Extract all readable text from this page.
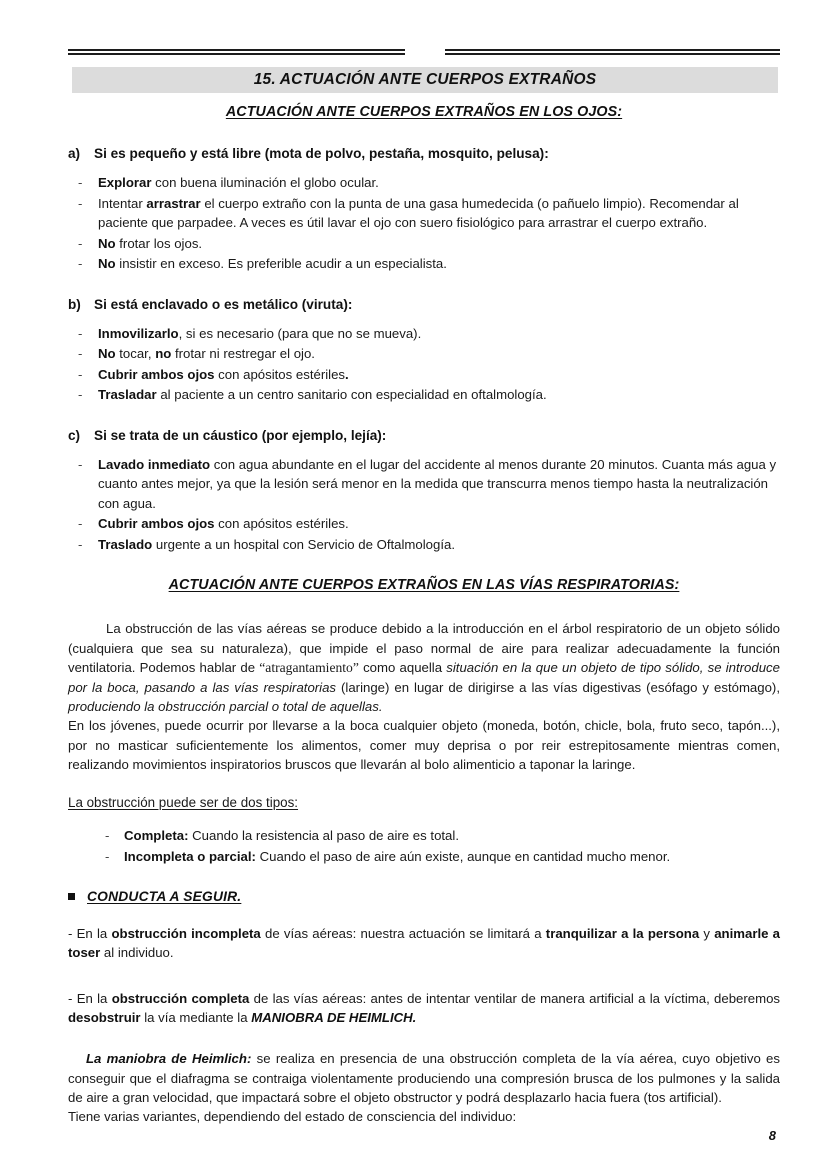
15. ACTUACIÓN ANTE CUERPOS EXTRAÑOS
ACTUACIÓN ANTE CUERPOS EXTRAÑOS EN LOS OJOS:
a)	Si es pequeño y está libre (mota de polvo, pestaña, mosquito, pelusa):
- Explorar con buena iluminación el globo ocular.
- Intentar arrastrar el cuerpo extraño con la punta de una gasa humedecida (o pañuelo limpio). Recomendar al paciente que parpadee. A veces es útil lavar el ojo con suero fisiológico para arrastrar el cuerpo extraño.
- No frotar los ojos.
- No insistir en exceso. Es preferible acudir a un especialista.
b) Si está enclavado o es metálico (viruta):
- Inmovilizarlo, si es necesario (para que no se mueva).
- No tocar, no frotar ni restregar el ojo.
- Cubrir ambos ojos con apósitos estériles.
- Trasladar al paciente a un centro sanitario con especialidad en oftalmología.
c)	Si se trata de un cáustico (por ejemplo, lejía):
- Lavado inmediato con agua abundante en el lugar del accidente al menos durante 20 minutos. Cuanta más agua y cuanto antes mejor, ya que la lesión será menor en la medida que transcurra menos tiempo hasta la neutralización con agua.
- Cubrir ambos ojos con apósitos estériles.
- Traslado urgente a un hospital con Servicio de Oftalmología.
ACTUACIÓN ANTE CUERPOS EXTRAÑOS EN LAS VÍAS RESPIRATORIAS:

La obstrucción de las vías aéreas se produce debido a la introducción en el árbol respiratorio de un objeto sólido (cualquiera que sea su naturaleza), que impide el paso normal de aire para realizar adecuadamente la función ventilatoria. Podemos hablar de “atragantamiento” como aquella situación en la que un objeto de tipo sólido, se introduce por la boca, pasando a las vías respiratorias (laringe) en lugar de dirigirse a las vías digestivas (esófago y estómago), produciendo la obstrucción parcial o total de aquellas.

En los jóvenes, puede ocurrir por llevarse a la boca cualquier objeto (moneda, botón, chicle, bola, fruto seco, tapón...), por no masticar suficientemente los alimentos, comer muy deprisa o por reir estrepitosamente mientras comen, realizando movimientos inspiratorios bruscos que llevarán al bolo alimenticio a taponar la laringe.

La obstrucción puede ser de dos tipos:
- Completa: Cuando la resistencia al paso de aire es total.
- Incompleta o parcial: Cuando el paso de aire aún existe, aunque en cantidad mucho menor.
CONDUCTA A SEGUIR.

- En la obstrucción incompleta de vías aéreas: nuestra actuación se limitará a tranquilizar a la persona y animarle a toser al individuo.

- En la obstrucción completa de las vías aéreas: antes de intentar ventilar de manera artificial a la víctima, deberemos desobstruir la vía mediante la MANIOBRA DE HEIMLICH.

La maniobra de Heimlich: se realiza en presencia de una obstrucción completa de la vía aérea, cuyo objetivo es conseguir que el diafragma se contraiga violentamente produciendo una compresión brusca de los pulmones y la salida de aire a gran velocidad, que impactará sobre el objeto obstructor y podrá desplazarlo hacia fuera (tos artificial).

Tiene varias variantes, dependiendo del estado de consciencia del individuo:

8
